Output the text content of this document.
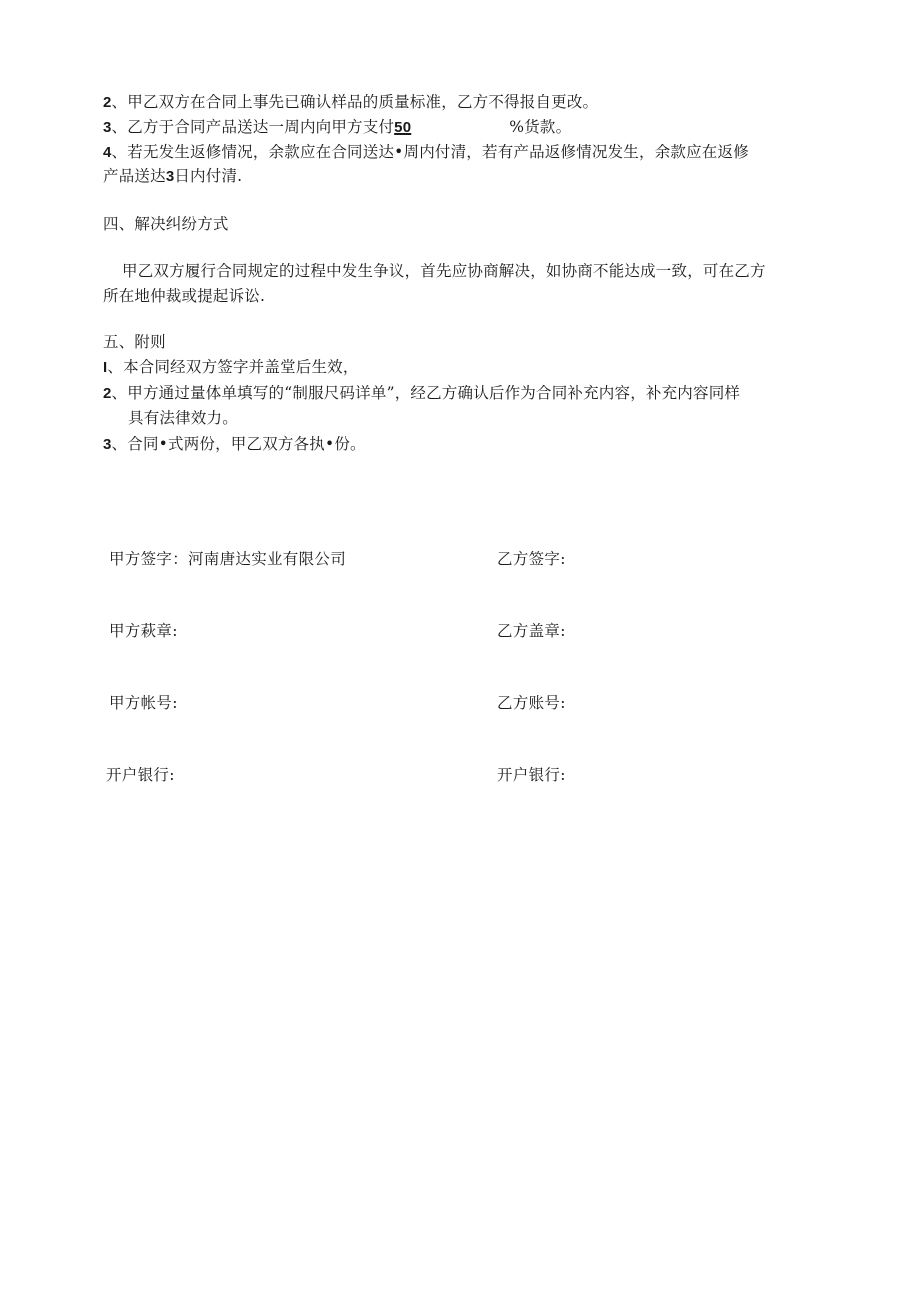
2、甲乙双方在合同上事先已确认样品的质量标准，乙方不得报自更改。
3、乙方于合同产品送达一周内向甲方支付50	%货款。
4、若无发生返修情况，余款应在合同送达•周内付清，若有产品返修情况发生，余款应在返修
产品送达3日内付清.
四、解决纠纷方式
甲乙双方履行合同规定的过程中发生争议，首先应协商解决，如协商不能达成一致，可在乙方
所在地仲裁或提起诉讼.
五、附则
I、本合同经双方签字并盖堂后生效，
2、甲方通过量体单填写的“制服尺码详单”，经乙方确认后作为合同补充内容，补充内容同样
具有法律效力。
3、合同•式两份，甲乙双方各执•份。
甲方签字：河南唐达实业有限公司	乙方签字:
甲方萩章:	乙方盖章:
甲方帐号:	乙方账号:
开户银行:	开户银行:
